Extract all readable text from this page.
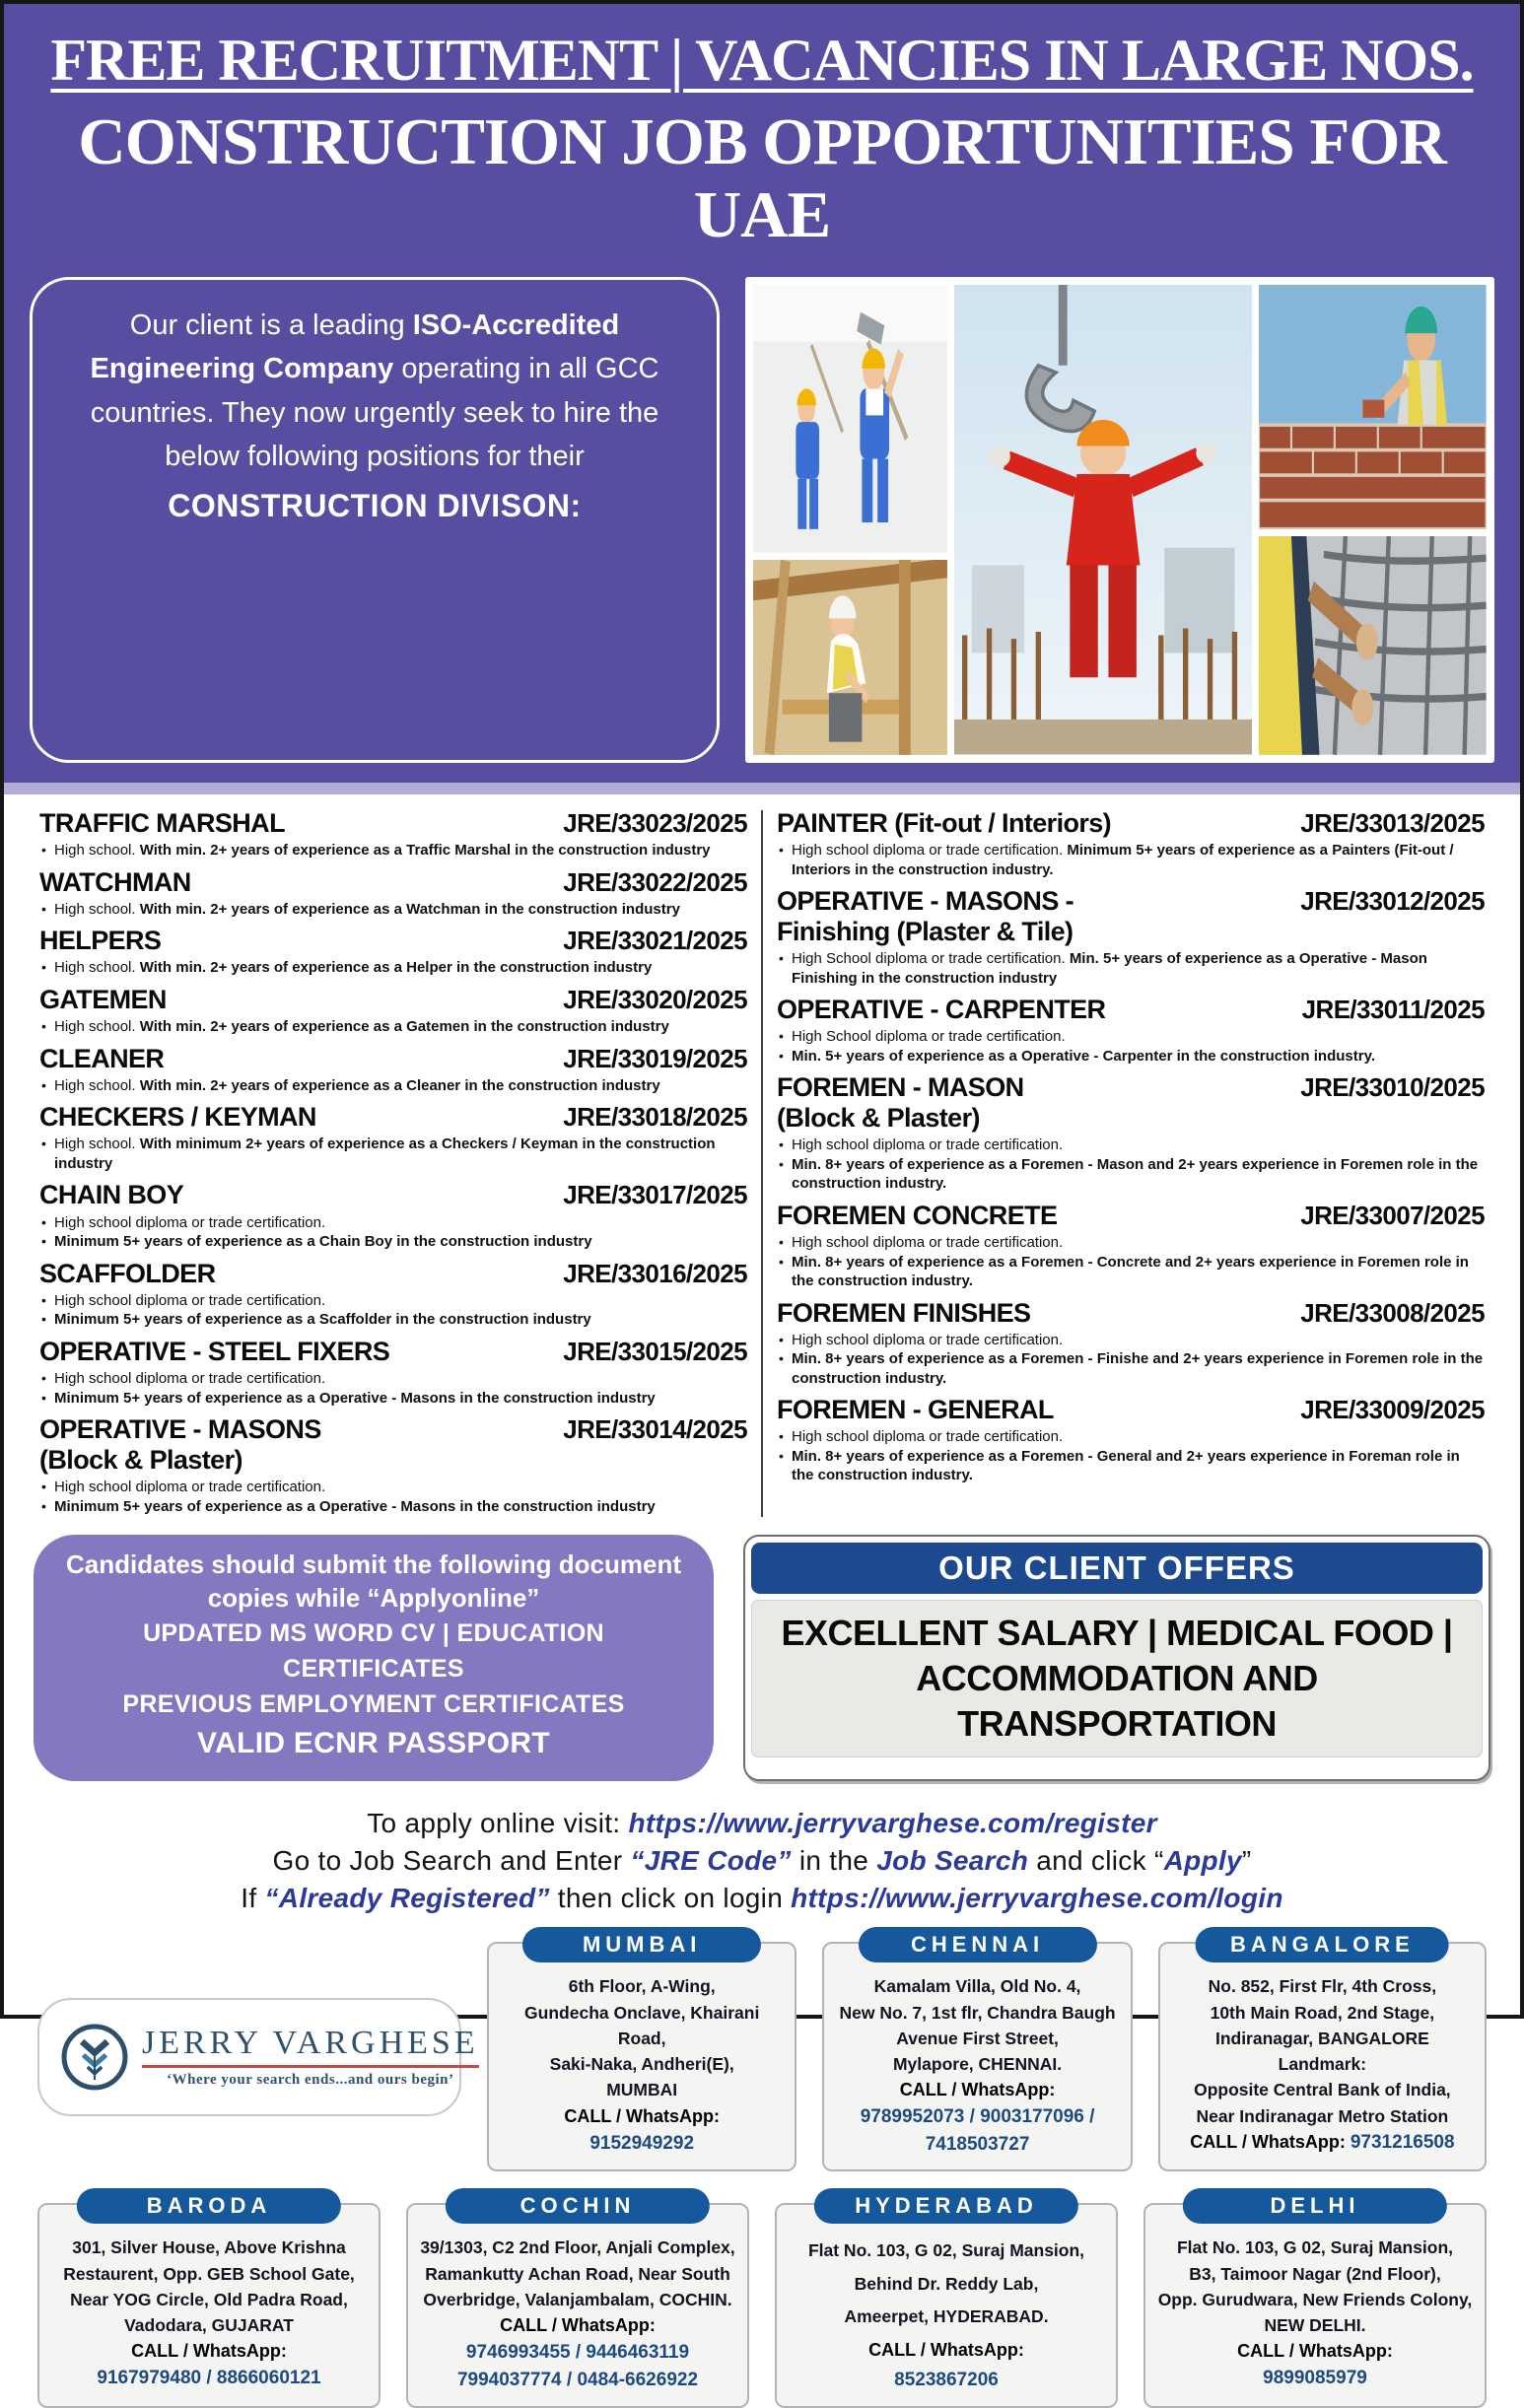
FREE RECRUITMENT | VACANCIES IN LARGE NOS.
CONSTRUCTION JOB OPPORTUNITIES FOR UAE
Our client is a leading ISO-Accredited Engineering Company operating in all GCC countries. They now urgently seek to hire the below following positions for their
CONSTRUCTION DIVISON:
TRAFFIC MARSHAL	JRE/33023/2025
• High school. With min. 2+ years of experience as a Traffic Marshal in the construction industry
WATCHMAN	JRE/33022/2025
• High school. With min. 2+ years of experience as a Watchman in the construction industry
HELPERS	JRE/33021/2025
• High school. With min. 2+ years of experience as a Helper in the construction industry
GATEMEN	JRE/33020/2025
• High school. With min. 2+ years of experience as a Gatemen in the construction industry
CLEANER	JRE/33019/2025
• High school. With min. 2+ years of experience as a Cleaner in the construction industry
CHECKERS / KEYMAN	JRE/33018/2025
• High school. With minimum 2+ years of experience as a Checkers / Keyman in the construction industry
CHAIN BOY	JRE/33017/2025
• High school diploma or trade certification.
• Minimum 5+ years of experience as a Chain Boy in the construction industry
SCAFFOLDER	JRE/33016/2025
• High school diploma or trade certification.
• Minimum 5+ years of experience as a Scaffolder in the construction industry
OPERATIVE - STEEL FIXERS	JRE/33015/2025
• High school diploma or trade certification.
• Minimum 5+ years of experience as a Operative - Masons in the construction industry
OPERATIVE - MASONS
(Block & Plaster)
JRE/33014/2025
• High school diploma or trade certification.
• Minimum 5+ years of experience as a Operative - Masons in the construction industry
PAINTER (Fit-out / Interiors)	JRE/33013/2025
• High school diploma or trade certification. Minimum 5+ years of experience as a Painters (Fit-out / Interiors in the construction industry.
OPERATIVE - MASONS -
Finishing (Plaster & Tile)
JRE/33012/2025
• High School diploma or trade certification. Min. 5+ years of experience as a Operative - Mason Finishing in the construction industry
OPERATIVE - CARPENTER	JRE/33011/2025
• High School diploma or trade certification.
• Min. 5+ years of experience as a Operative - Carpenter in the construction industry.
FOREMEN - MASON
(Block & Plaster)
JRE/33010/2025
• High school diploma or trade certification.
• Min. 8+ years of experience as a Foremen - Mason and 2+ years experience in Foremen role in the construction industry.
FOREMEN CONCRETE	JRE/33007/2025
• High school diploma or trade certification.
• Min. 8+ years of experience as a Foremen - Concrete and 2+ years experience in Foremen role in the construction industry.
FOREMEN FINISHES	JRE/33008/2025
• High school diploma or trade certification.
• Min. 8+ years of experience as a Foremen - Finishe and 2+ years experience in Foremen role in the construction industry.
FOREMEN - GENERAL	JRE/33009/2025
• High school diploma or trade certification.
• Min. 8+ years of experience as a Foremen - General and 2+ years experience in Foreman role in the construction industry.
Candidates should submit the following document copies while “Applyonline”
UPDATED MS WORD CV | EDUCATION CERTIFICATES
PREVIOUS EMPLOYMENT CERTIFICATES
VALID ECNR PASSPORT
OUR CLIENT OFFERS
EXCELLENT SALARY | MEDICAL FOOD | ACCOMMODATION AND TRANSPORTATION
To apply online visit: https://www.jerryvarghese.com/register
Go to Job Search and Enter “JRE Code” in the Job Search and click “Apply”
If “Already Registered” then click on login https://www.jerryvarghese.com/login
JERRY VARGHESE
‘Where your search ends...and ours begin’
MUMBAI
6th Floor, A-Wing,
Gundecha Onclave, Khairani Road,
Saki-Naka, Andheri(E),
MUMBAI
CALL / WhatsApp:
9152949292
CHENNAI
Kamalam Villa, Old No. 4,
New No. 7, 1st flr, Chandra Baugh
Avenue First Street,
Mylapore, CHENNAI.
CALL / WhatsApp:
9789952073 / 9003177096 /
7418503727
BANGALORE
No. 852, First Flr, 4th Cross,
10th Main Road, 2nd Stage,
Indiranagar, BANGALORE
Landmark:
Opposite Central Bank of India,
Near Indiranagar Metro Station
CALL / WhatsApp: 9731216508
BARODA
301, Silver House, Above Krishna
Restaurent, Opp. GEB School Gate,
Near YOG Circle, Old Padra Road,
Vadodara, GUJARAT
CALL / WhatsApp:
9167979480 / 8866060121
COCHIN
39/1303, C2 2nd Floor, Anjali Complex,
Ramankutty Achan Road, Near South
Overbridge, Valanjambalam, COCHIN.
CALL / WhatsApp:
9746993455 / 9446463119
7994037774 / 0484-6626922
HYDERABAD
Flat No. 103, G 02, Suraj Mansion,
Behind Dr. Reddy Lab,
Ameerpet, HYDERABAD.
CALL / WhatsApp:
8523867206
DELHI
Flat No. 103, G 02, Suraj Mansion,
B3, Taimoor Nagar (2nd Floor),
Opp. Gurudwara, New Friends Colony,
NEW DELHI.
CALL / WhatsApp:
9899085979
